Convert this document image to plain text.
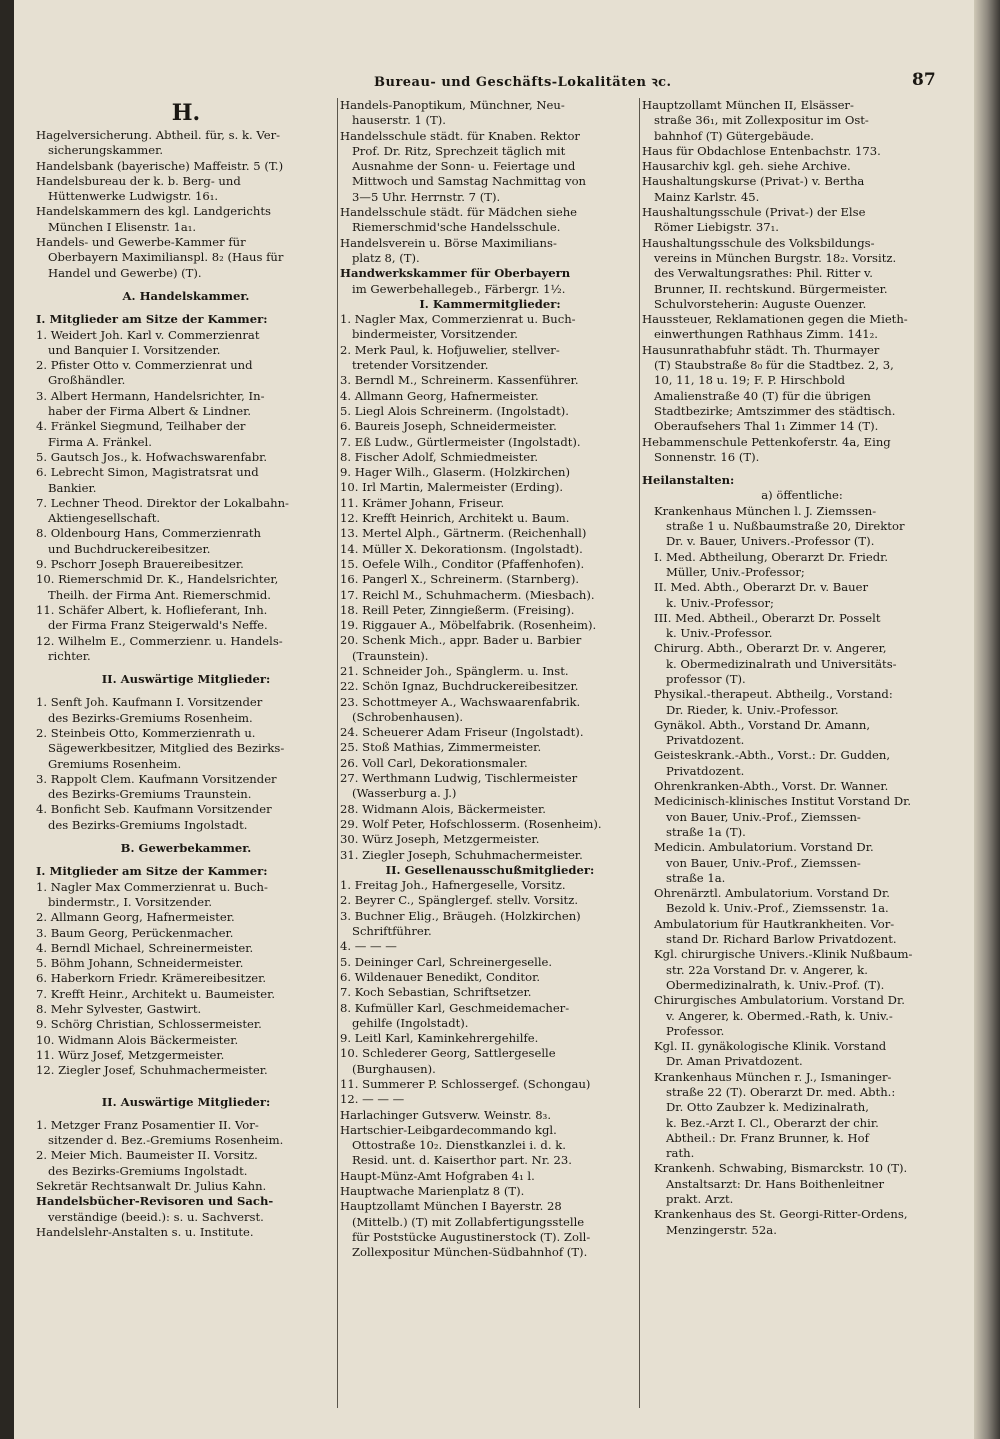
Bureau- und Geschäfts-Lokalitäten ꝛc.	87
H.
Hagelversicherung. Abtheil. für, s. k. Ver-
sicherungskammer.
Handelsbank (bayerische) Maffeistr. 5 (T.)
Handelsbureau der k. b. Berg- und
Hüttenwerke Ludwigstr. 16₁.
Handelskammern des kgl. Landgerichts
München I Elisenstr. 1a₁.
Handels- und Gewerbe-Kammer für
Oberbayern Maximilianspl. 8₂ (Haus für
Handel und Gewerbe) (T).
A. Handelskammer.
I. Mitglieder am Sitze der Kammer:
1. Weidert Joh. Karl v. Commerzienrat
und Banquier I. Vorsitzender.
2. Pfister Otto v. Commerzienrat und
Großhändler.
3. Albert Hermann, Handelsrichter, In-
haber der Firma Albert & Lindner.
4. Fränkel Siegmund, Teilhaber der
Firma A. Fränkel.
5. Gautsch Jos., k. Hofwachswarenfabr.
6. Lebrecht Simon, Magistratsrat und
Bankier.
7. Lechner Theod. Direktor der Lokalbahn-
Aktiengesellschaft.
8. Oldenbourg Hans, Commerzienrath
und Buchdruckereibesitzer.
9. Pschorr Joseph Brauereibesitzer.
10. Riemerschmid Dr. K., Handelsrichter,
Theilh. der Firma Ant. Riemerschmid.
11. Schäfer Albert, k. Hoflieferant, Inh.
der Firma Franz Steigerwald's Neffe.
12. Wilhelm E., Commerzienr. u. Handels-
richter.
II. Auswärtige Mitglieder:
1. Senft Joh. Kaufmann I. Vorsitzender
des Bezirks-Gremiums Rosenheim.
2. Steinbeis Otto, Kommerzienrath u.
Sägewerkbesitzer, Mitglied des Bezirks-
Gremiums Rosenheim.
3. Rappolt Clem. Kaufmann Vorsitzender
des Bezirks-Gremiums Traunstein.
4. Bonficht Seb. Kaufmann Vorsitzender
des Bezirks-Gremiums Ingolstadt.
B. Gewerbekammer.
I. Mitglieder am Sitze der Kammer:
1. Nagler Max Commerzienrat u. Buch-
bindermstr., I. Vorsitzender.
2. Allmann Georg, Hafnermeister.
3. Baum Georg, Perückenmacher.
4. Berndl Michael, Schreinermeister.
5. Böhm Johann, Schneidermeister.
6. Haberkorn Friedr. Krämereibesitzer.
7. Krefft Heinr., Architekt u. Baumeister.
8. Mehr Sylvester, Gastwirt.
9. Schörg Christian, Schlossermeister.
10. Widmann Alois Bäckermeister.
11. Würz Josef, Metzgermeister.
12. Ziegler Josef, Schuhmachermeister.
II. Auswärtige Mitglieder:
1. Metzger Franz Posamentier II. Vor-
sitzender d. Bez.-Gremiums Rosenheim.
2. Meier Mich. Baumeister II. Vorsitz.
des Bezirks-Gremiums Ingolstadt.
Sekretär Rechtsanwalt Dr. Julius Kahn.
Handelsbücher-Revisoren und Sach-
verständige (beeid.): s. u. Sachverst.
Handelslehr-Anstalten s. u. Institute.
Handels-Panoptikum, Münchner, Neu-
hauserstr. 1 (T).
Handelsschule städt. für Knaben. Rektor
Prof. Dr. Ritz, Sprechzeit täglich mit
Ausnahme der Sonn- u. Feiertage und
Mittwoch und Samstag Nachmittag von
3—5 Uhr. Herrnstr. 7 (T).
Handelsschule städt. für Mädchen siehe
Riemerschmid'sche Handelsschule.
Handelsverein u. Börse Maximilians-
platz 8, (T).
Handwerkskammer für Oberbayern
im Gewerbehallegeb., Färbergr. 1½.
I. Kammermitglieder:
1. Nagler Max, Commerzienrat u. Buch-
bindermeister, Vorsitzender.
2. Merk Paul, k. Hofjuwelier, stellver-
tretender Vorsitzender.
3. Berndl M., Schreinerm. Kassenführer.
4. Allmann Georg, Hafnermeister.
5. Liegl Alois Schreinerm. (Ingolstadt).
6. Baureis Joseph, Schneidermeister.
7. Eß Ludw., Gürtlermeister (Ingolstadt).
8. Fischer Adolf, Schmiedmeister.
9. Hager Wilh., Glaserm. (Holzkirchen)
10. Irl Martin, Malermeister (Erding).
11. Krämer Johann, Friseur.
12. Krefft Heinrich, Architekt u. Baum.
13. Mertel Alph., Gärtnerm. (Reichenhall)
14. Müller X. Dekorationsm. (Ingolstadt).
15. Oefele Wilh., Conditor (Pfaffenhofen).
16. Pangerl X., Schreinerm. (Starnberg).
17. Reichl M., Schuhmacherm. (Miesbach).
18. Reill Peter, Zinngießerm. (Freising).
19. Riggauer A., Möbelfabrik. (Rosenheim).
20. Schenk Mich., appr. Bader u. Barbier
(Traunstein).
21. Schneider Joh., Spänglerm. u. Inst.
22. Schön Ignaz, Buchdruckereibesitzer.
23. Schottmeyer A., Wachswaarenfabrik.
(Schrobenhausen).
24. Scheuerer Adam Friseur (Ingolstadt).
25. Stoß Mathias, Zimmermeister.
26. Voll Carl, Dekorationsmaler.
27. Werthmann Ludwig, Tischlermeister
(Wasserburg a. J.)
28. Widmann Alois, Bäckermeister.
29. Wolf Peter, Hofschlosserm. (Rosenheim).
30. Würz Joseph, Metzgermeister.
31. Ziegler Joseph, Schuhmachermeister.
II. Gesellenausschußmitglieder:
1. Freitag Joh., Hafnergeselle, Vorsitz.
2. Beyrer C., Spänglergef. stellv. Vorsitz.
3. Buchner Elig., Bräugeh. (Holzkirchen)
Schriftführer.
4. — — —
5. Deininger Carl, Schreinergeselle.
6. Wildenauer Benedikt, Conditor.
7. Koch Sebastian, Schriftsetzer.
8. Kufmüller Karl, Geschmeidemacher-
gehilfe (Ingolstadt).
9. Leitl Karl, Kaminkehrergehilfe.
10. Schlederer Georg, Sattlergeselle
(Burghausen).
11. Summerer P. Schlossergef. (Schongau)
12. — — —
Harlachinger Gutsverw. Weinstr. 8₃.
Hartschier-Leibgardecommando kgl.
Ottostraße 10₂. Dienstkanzlei i. d. k.
Resid. unt. d. Kaiserthor part. Nr. 23.
Haupt-Münz-Amt Hofgraben 4₁ l.
Hauptwache Marienplatz 8 (T).
Hauptzollamt München I Bayerstr. 28
(Mittelb.) (T) mit Zollabfertigungsstelle
für Poststücke Augustinerstock (T). Zoll-
Zollexpositur München-Südbahnhof (T).
Hauptzollamt München II, Elsässer-
straße 36₁, mit Zollexpositur im Ost-
bahnhof (T) Gütergebäude.
Haus für Obdachlose Entenbachstr. 173.
Hausarchiv kgl. geh. siehe Archive.
Haushaltungskurse (Privat-) v. Bertha
Mainz Karlstr. 45.
Haushaltungsschule (Privat-) der Else
Römer Liebigstr. 37₁.
Haushaltungsschule des Volksbildungs-
vereins in München Burgstr. 18₂. Vorsitz.
des Verwaltungsrathes: Phil. Ritter v.
Brunner, II. rechtskund. Bürgermeister.
Schulvorsteherin: Auguste Ouenzer.
Haussteuer, Reklamationen gegen die Mieth-
einwerthungen Rathhaus Zimm. 141₂.
Hausunrathabfuhr städt. Th. Thurmayer
(T) Staubstraße 8₀ für die Stadtbez. 2, 3,
10, 11, 18 u. 19; F. P. Hirschbold
Amalienstraße 40 (T) für die übrigen
Stadtbezirke; Amtszimmer des städtisch.
Oberaufsehers Thal 1₁ Zimmer 14 (T).
Hebammenschule Pettenkoferstr. 4a, Eing
Sonnenstr. 16 (T).
Heilanstalten:
a) öffentliche:
Krankenhaus München l. J. Ziemssen-
straße 1 u. Nußbaumstraße 20, Direktor
Dr. v. Bauer, Univers.-Professor (T).
I. Med. Abtheilung, Oberarzt Dr. Friedr.
Müller, Univ.-Professor;
II. Med. Abth., Oberarzt Dr. v. Bauer
k. Univ.-Professor;
III. Med. Abtheil., Oberarzt Dr. Posselt
k. Univ.-Professor.
Chirurg. Abth., Oberarzt Dr. v. Angerer,
k. Obermedizinalrath und Universitäts-
professor (T).
Physikal.-therapeut. Abtheilg., Vorstand:
Dr. Rieder, k. Univ.-Professor.
Gynäkol. Abth., Vorstand Dr. Amann,
Privatdozent.
Geisteskrank.-Abth., Vorst.: Dr. Gudden,
Privatdozent.
Ohrenkranken-Abth., Vorst. Dr. Wanner.
Medicinisch-klinisches Institut Vorstand Dr.
von Bauer, Univ.-Prof., Ziemssen-
straße 1a (T).
Medicin. Ambulatorium. Vorstand Dr.
von Bauer, Univ.-Prof., Ziemssen-
straße 1a.
Ohrenärztl. Ambulatorium. Vorstand Dr.
Bezold k. Univ.-Prof., Ziemssenstr. 1a.
Ambulatorium für Hautkrankheiten. Vor-
stand Dr. Richard Barlow Privatdozent.
Kgl. chirurgische Univers.-Klinik Nußbaum-
str. 22a Vorstand Dr. v. Angerer, k.
Obermedizinalrath, k. Univ.-Prof. (T).
Chirurgisches Ambulatorium. Vorstand Dr.
v. Angerer, k. Obermed.-Rath, k. Univ.-
Professor.
Kgl. II. gynäkologische Klinik. Vorstand
Dr. Aman Privatdozent.
Krankenhaus München r. J., Ismaninger-
straße 22 (T). Oberarzt Dr. med. Abth.:
Dr. Otto Zaubzer k. Medizinalrath,
k. Bez.-Arzt I. Cl., Oberarzt der chir.
Abtheil.: Dr. Franz Brunner, k. Hof
rath.
Krankenh. Schwabing, Bismarckstr. 10 (T).
Anstaltsarzt: Dr. Hans Boithenleitner
prakt. Arzt.
Krankenhaus des St. Georgi-Ritter-Ordens,
Menzingerstr. 52a.
